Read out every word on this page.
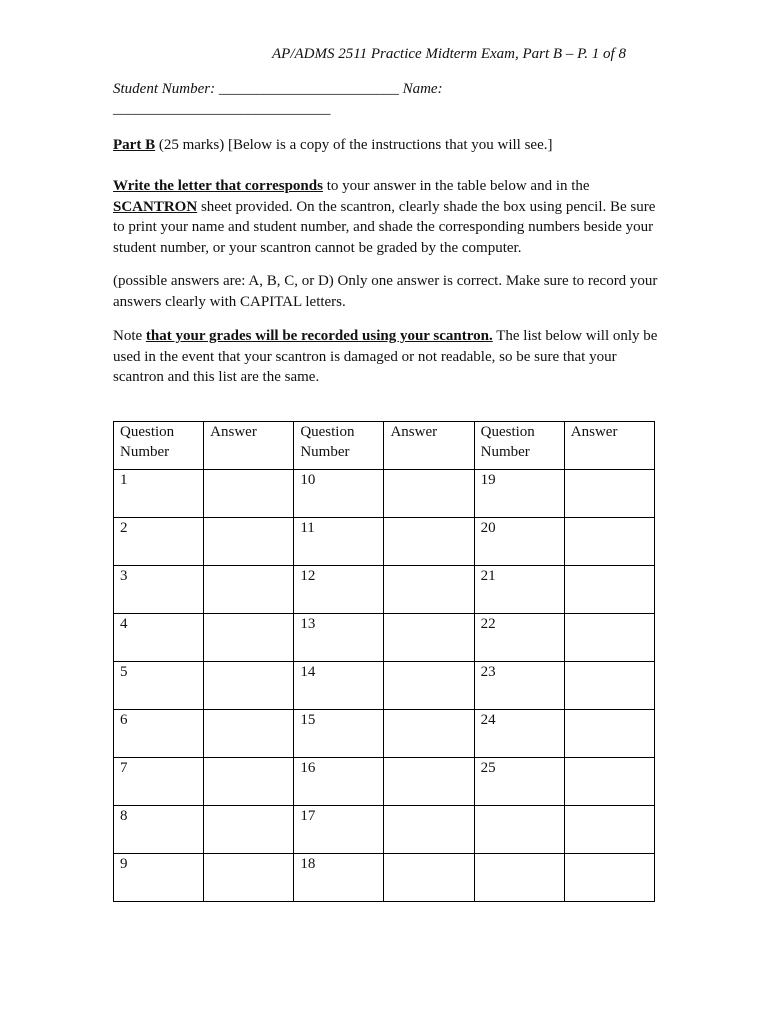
AP/ADMS 2511 Practice Midterm Exam, Part B – P. 1 of 8
Student Number: ________________________ Name:
_____________________________
Part B (25 marks) [Below is a copy of the instructions that you will see.]
Write the letter that corresponds to your answer in the table below and in the SCANTRON sheet provided. On the scantron, clearly shade the box using pencil. Be sure to print your name and student number, and shade the corresponding numbers beside your student number, or your scantron cannot be graded by the computer.
(possible answers are: A, B, C, or D) Only one answer is correct. Make sure to record your answers clearly with CAPITAL letters.
Note that your grades will be recorded using your scantron. The list below will only be used in the event that your scantron is damaged or not readable, so be sure that your scantron and this list are the same.
Question Number	Answer	Question Number	Answer	Question Number	Answer
1		10		19	
2		11		20	
3		12		21	
4		13		22	
5		14		23	
6		15		24	
7		16		25	
8		17			
9		18			
